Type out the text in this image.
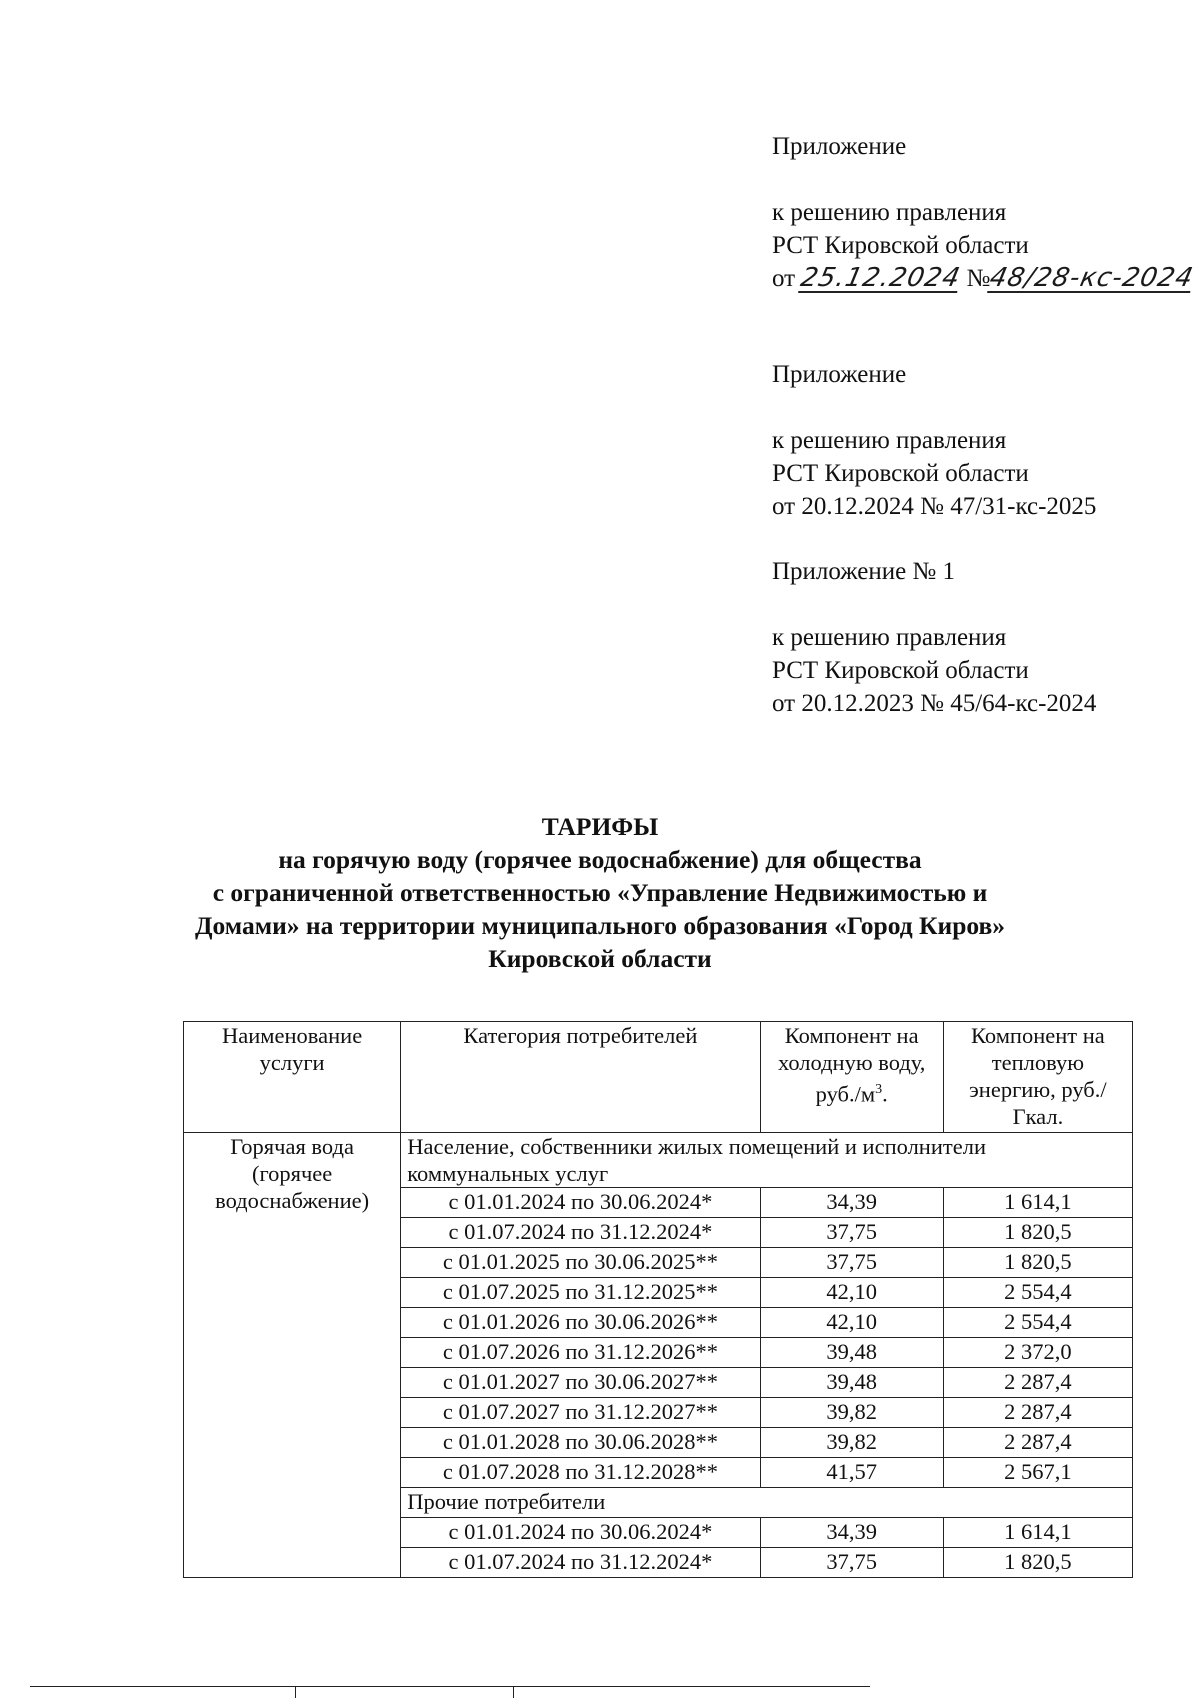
Приложение
к решению правления
РСТ Кировской области
от 25.12.2024 №48/28-кс-2024
Приложение
к решению правления
РСТ Кировской области
от 20.12.2024 № 47/31-кс-2025
Приложение № 1
к решению правления
РСТ Кировской области
от 20.12.2023 № 45/64-кс-2024
ТАРИФЫ
на горячую воду (горячее водоснабжение) для общества
с ограниченной ответственностью «Управление Недвижимостью и
Домами» на территории муниципального образования «Город Киров»
Кировской области
Наименование услуги	Категория потребителей	Компонент на холодную воду, $руб./м^3$.	Компонент на тепловую энергию, руб./Гкал.
Горячая вода (горячее водоснабжение)	Население, собственники жилых помещений и исполнители коммунальных услуг		
	с 01.01.2024 по 30.06.2024*	34,39	1 614,1
	с 01.07.2024 по 31.12.2024*	37,75	1 820,5
	с 01.01.2025 по 30.06.2025**	37,75	1 820,5
	с 01.07.2025 по 31.12.2025**	42,10	2 554,4
	с 01.01.2026 по 30.06.2026**	42,10	2 554,4
	с 01.07.2026 по 31.12.2026**	39,48	2 372,0
	с 01.01.2027 по 30.06.2027**	39,48	2 287,4
	с 01.07.2027 по 31.12.2027**	39,82	2 287,4
	с 01.01.2028 по 30.06.2028**	39,82	2 287,4
	с 01.07.2028 по 31.12.2028**	41,57	2 567,1
	Прочие потребители		
	с 01.01.2024 по 30.06.2024*	34,39	1 614,1
	с 01.07.2024 по 31.12.2024*	37,75	1 820,5
